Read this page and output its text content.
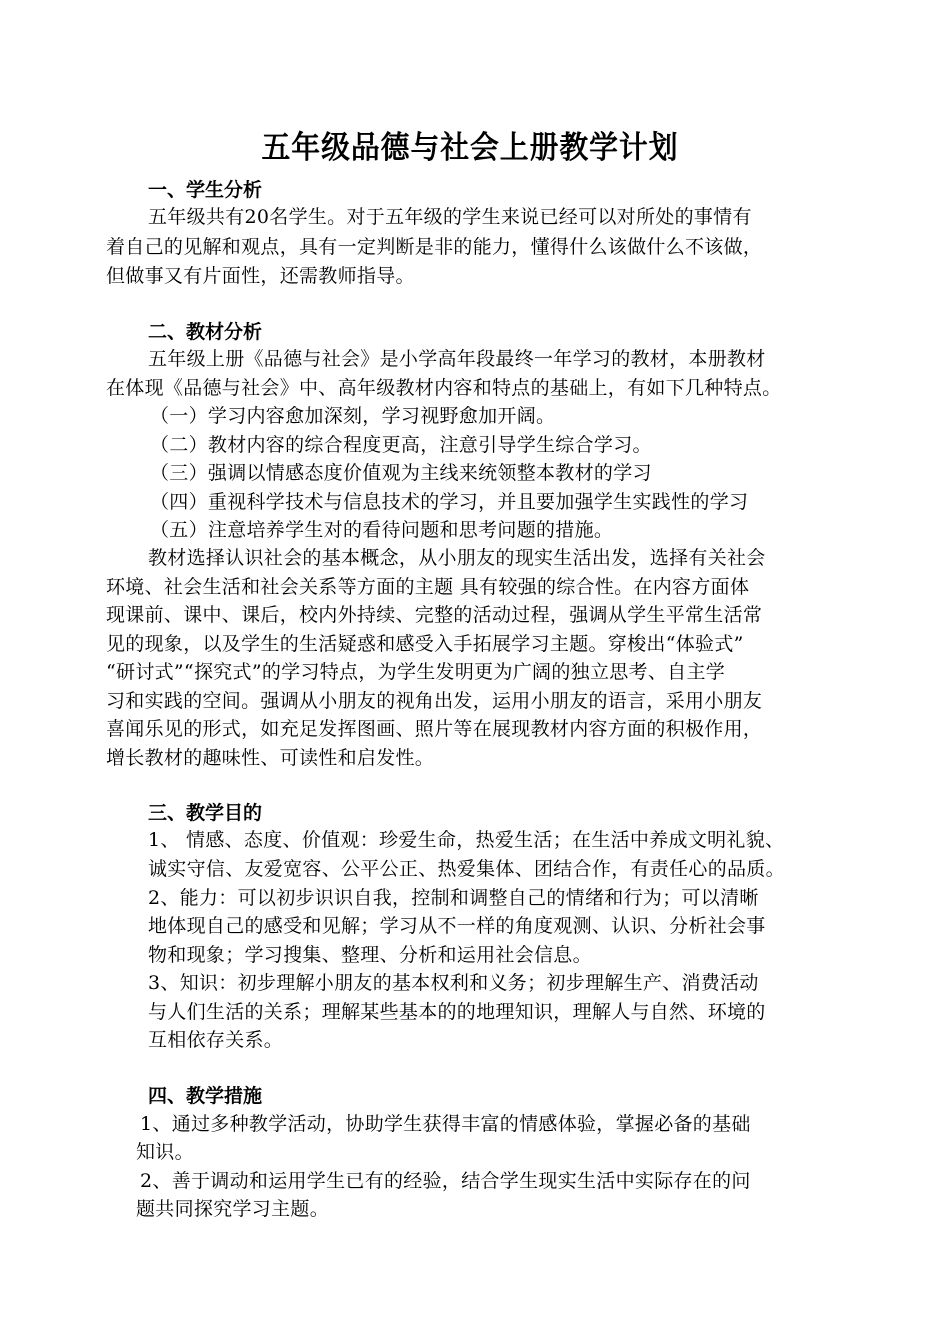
五年级品德与社会上册教学计划
一、学生分析
五年级共有20名学生。对于五年级的学生来说已经可以对所处的事情有
着自己的见解和观点，具有一定判断是非的能力，懂得什么该做什么不该做，
但做事又有片面性，还需教师指导。
二、教材分析
五年级上册《品德与社会》是小学高年段最终一年学习的教材，本册教材
在体现《品德与社会》中、高年级教材内容和特点的基础上，有如下几种特点。
（一）学习内容愈加深刻，学习视野愈加开阔。
（二）教材内容的综合程度更高，注意引导学生综合学习。
（三）强调以情感态度价值观为主线来统领整本教材的学习
（四）重视科学技术与信息技术的学习，并且要加强学生实践性的学习
（五）注意培养学生对的看待问题和思考问题的措施。
教材选择认识社会的基本概念，从小朋友的现实生活出发，选择有关社会
环境、社会生活和社会关系等方面的主题 具有较强的综合性。在内容方面体
现课前、课中、课后，校内外持续、完整的活动过程，强调从学生平常生活常
见的现象，以及学生的生活疑惑和感受入手拓展学习主题。穿梭出“体验式”
“研讨式”“探究式”的学习特点，为学生发明更为广阔的独立思考、自主学
习和实践的空间。强调从小朋友的视角出发，运用小朋友的语言，采用小朋友
喜闻乐见的形式，如充足发挥图画、照片等在展现教材内容方面的积极作用，
增长教材的趣味性、可读性和启发性。
三、教学目的
1、 情感、态度、价值观：珍爱生命，热爱生活；在生活中养成文明礼貌、
诚实守信、友爱宽容、公平公正、热爱集体、团结合作，有责任心的品质。
2、能力：可以初步识识自我，控制和调整自己的情绪和行为；可以清晰
地体现自己的感受和见解；学习从不一样的角度观测、认识、分析社会事
物和现象；学习搜集、整理、分析和运用社会信息。
3、知识：初步理解小朋友的基本权利和义务；初步理解生产、消费活动
与人们生活的关系；理解某些基本的的地理知识，理解人与自然、环境的
互相依存关系。
四、教学措施
1、通过多种教学活动，协助学生获得丰富的情感体验，掌握必备的基础
知识。
2、善于调动和运用学生已有的经验，结合学生现实生活中实际存在的问
题共同探究学习主题。
